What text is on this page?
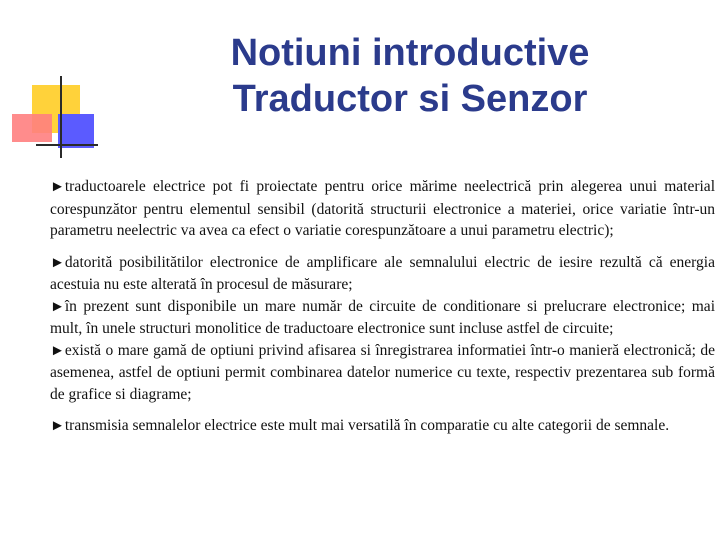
Notiuni introductive
Traductor si Senzor

►traductoarele electrice pot fi proiectate pentru orice mărime neelectrică prin alegerea unui material corespunzător pentru elementul sensibil (datorită structurii electronice a materiei, orice variatie într-un parametru neelectric va avea ca efect o variatie corespunzătoare a unui parametru electric);

►datorită posibilitătilor electronice de amplificare ale semnalului electric de iesire rezultă că energia acestuia nu este alterată în procesul de măsurare;

►în prezent sunt disponibile un mare număr de circuite de conditionare si prelucrare electronice; mai mult, în unele structuri monolitice de traductoare electronice sunt incluse astfel de circuite;

►există o mare gamă de optiuni privind afisarea si înregistrarea informatiei într-o manieră electronică; de asemenea, astfel de optiuni permit combinarea datelor numerice cu texte, respectiv prezentarea sub formă de grafice si diagrame;

►transmisia semnalelor electrice este mult mai versatilă în comparatie cu alte categorii de semnale.
